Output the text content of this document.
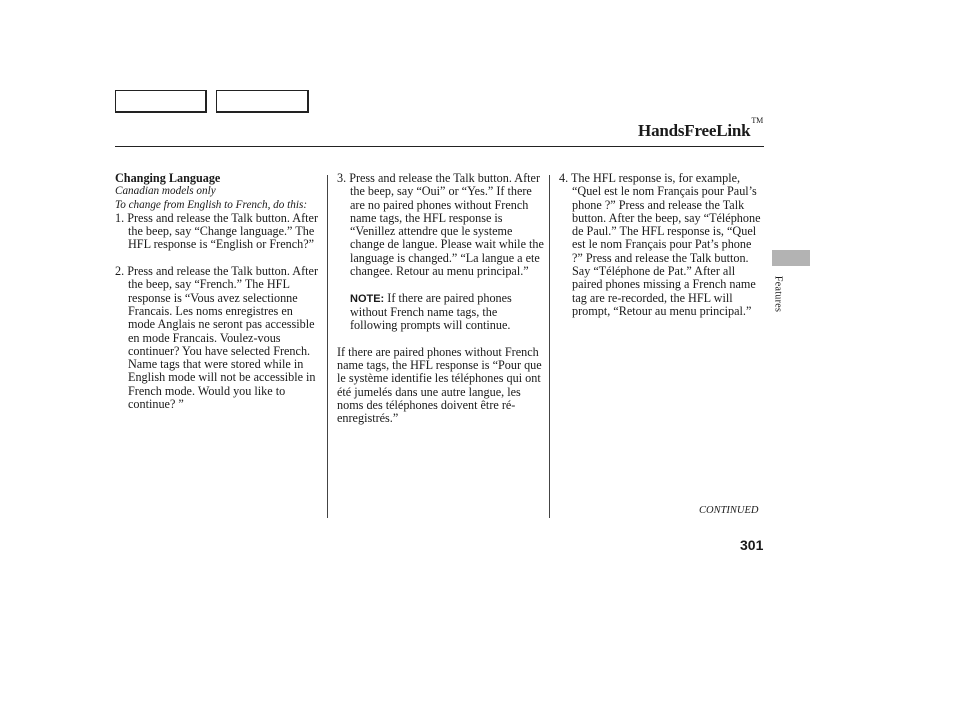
HandsFreeLink™
Changing Language
Canadian models only
To change from English to French, do this:
1. Press and release the Talk button. After the beep, say “Change language.” The HFL response is “English or French?”
2. Press and release the Talk button. After the beep, say “French.” The HFL response is “Vous avez selectionne Francais. Les noms enregistres en mode Anglais ne seront pas accessible en mode Francais. Voulez-vous continuer? You have selected French. Name tags that were stored while in English mode will not be accessible in French mode. Would you like to continue? ”
3. Press and release the Talk button. After the beep, say “Oui” or “Yes.” If there are no paired phones without French name tags, the HFL response is “Venillez attendre que le systeme change de langue. Please wait while the language is changed.” “La langue a ete changee. Retour au menu principal.”
NOTE: If there are paired phones without French name tags, the following prompts will continue.
If there are paired phones without French name tags, the HFL response is “Pour que le système identifie les téléphones qui ont été jumelés dans une autre langue, les noms des téléphones doivent être ré-enregistrés.”
4. The HFL response is, for example, “Quel est le nom Français pour Paul’s phone ?” Press and release the Talk button. After the beep, say “Téléphone de Paul.” The HFL response is, “Quel est le nom Français pour Pat’s phone ?” Press and release the Talk button. Say “Téléphone de Pat.” After all paired phones missing a French name tag are re-recorded, the HFL will prompt, “Retour au menu principal.”
CONTINUED
301
Features
